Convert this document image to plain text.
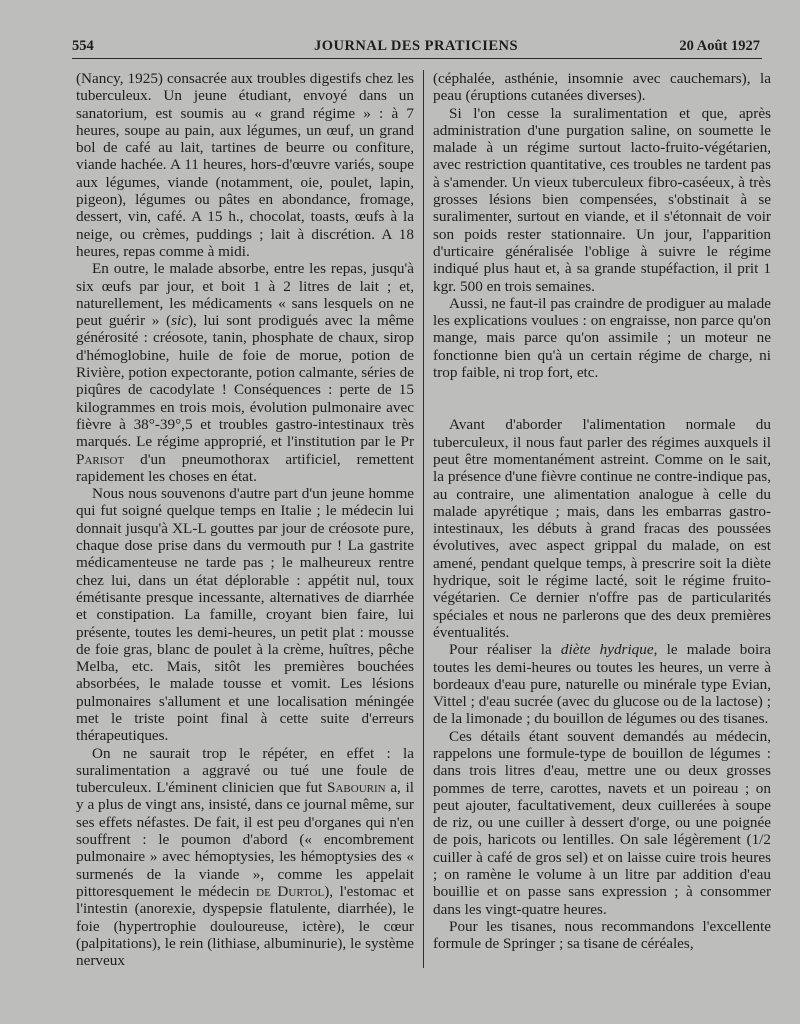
554	JOURNAL DES PRATICIENS	20 Août 1927

(Nancy, 1925) consacrée aux troubles digestifs chez les tuberculeux. Un jeune étudiant, envoyé dans un sanatorium, est soumis au « grand régime » : à 7 heures, soupe au pain, aux légumes, un œuf, un grand bol de café au lait, tartines de beurre ou confiture, viande hachée. A 11 heures, hors-d'œuvre variés, soupe aux légumes, viande (notamment, oie, poulet, lapin, pigeon), légumes ou pâtes en abondance, fromage, dessert, vin, café. A 15 h., chocolat, toasts, œufs à la neige, ou crèmes, puddings ; lait à discrétion. A 18 heures, repas comme à midi.

En outre, le malade absorbe, entre les repas, jusqu'à six œufs par jour, et boit 1 à 2 litres de lait ; et, naturellement, les médicaments « sans lesquels on ne peut guérir » (sic), lui sont prodigués avec la même générosité : créosote, tanin, phosphate de chaux, sirop d'hémoglobine, huile de foie de morue, potion de Rivière, potion expectorante, potion calmante, séries de piqûres de cacodylate ! Conséquences : perte de 15 kilogrammes en trois mois, évolution pulmonaire avec fièvre à 38°-39°,5 et troubles gastro-intestinaux très marqués. Le régime approprié, et l'institution par le Pr Parisot d'un pneumothorax artificiel, remettent rapidement les choses en état.

Nous nous souvenons d'autre part d'un jeune homme qui fut soigné quelque temps en Italie ; le médecin lui donnait jusqu'à XL-L gouttes par jour de créosote pure, chaque dose prise dans du vermouth pur ! La gastrite médicamenteuse ne tarde pas ; le malheureux rentre chez lui, dans un état déplorable : appétit nul, toux émétisante presque incessante, alternatives de diarrhée et constipation. La famille, croyant bien faire, lui présente, toutes les demi-heures, un petit plat : mousse de foie gras, blanc de poulet à la crème, huîtres, pêche Melba, etc. Mais, sitôt les premières bouchées absorbées, le malade tousse et vomit. Les lésions pulmonaires s'allument et une localisation méningée met le triste point final à cette suite d'erreurs thérapeutiques.

On ne saurait trop le répéter, en effet : la suralimentation a aggravé ou tué une foule de tuberculeux. L'éminent clinicien que fut Sabourin a, il y a plus de vingt ans, insisté, dans ce journal même, sur ses effets néfastes. De fait, il est peu d'organes qui n'en souffrent : le poumon d'abord (« encombrement pulmonaire » avec hémoptysies, les hémoptysies des « surmenés de la viande », comme les appelait pittoresquement le médecin de Durtol), l'estomac et l'intestin (anorexie, dyspepsie flatulente, diarrhée), le foie (hypertrophie douloureuse, ictère), le cœur (palpitations), le rein (lithiase, albuminurie), le système nerveux

(céphalée, asthénie, insomnie avec cauchemars), la peau (éruptions cutanées diverses).

Si l'on cesse la suralimentation et que, après administration d'une purgation saline, on soumette le malade à un régime surtout lacto-fruito-végétarien, avec restriction quantitative, ces troubles ne tardent pas à s'amender. Un vieux tuberculeux fibro-caséeux, à très grosses lésions bien compensées, s'obstinait à se suralimenter, surtout en viande, et il s'étonnait de voir son poids rester stationnaire. Un jour, l'apparition d'urticaire généralisée l'oblige à suivre le régime indiqué plus haut et, à sa grande stupéfaction, il prit 1 kgr. 500 en trois semaines.

Aussi, ne faut-il pas craindre de prodiguer au malade les explications voulues : on engraisse, non parce qu'on mange, mais parce qu'on assimile ; un moteur ne fonctionne bien qu'à un certain régime de charge, ni trop faible, ni trop fort, etc.

Avant d'aborder l'alimentation normale du tuberculeux, il nous faut parler des régimes auxquels il peut être momentanément astreint. Comme on le sait, la présence d'une fièvre continue ne contre-indique pas, au contraire, une alimentation analogue à celle du malade apyrétique ; mais, dans les embarras gastro-intestinaux, les débuts à grand fracas des poussées évolutives, avec aspect grippal du malade, on est amené, pendant quelque temps, à prescrire soit la diète hydrique, soit le régime lacté, soit le régime fruito-végétarien. Ce dernier n'offre pas de particularités spéciales et nous ne parlerons que des deux premières éventualités.

Pour réaliser la diète hydrique, le malade boira toutes les demi-heures ou toutes les heures, un verre à bordeaux d'eau pure, naturelle ou minérale type Evian, Vittel ; d'eau sucrée (avec du glucose ou de la lactose) ; de la limonade ; du bouillon de légumes ou des tisanes.

Ces détails étant souvent demandés au médecin, rappelons une formule-type de bouillon de légumes : dans trois litres d'eau, mettre une ou deux grosses pommes de terre, carottes, navets et un poireau ; on peut ajouter, facultativement, deux cuillerées à soupe de riz, ou une cuiller à dessert d'orge, ou une poignée de pois, haricots ou lentilles. On sale légèrement (1/2 cuiller à café de gros sel) et on laisse cuire trois heures ; on ramène le volume à un litre par addition d'eau bouillie et on passe sans expression ; à consommer dans les vingt-quatre heures.

Pour les tisanes, nous recommandons l'excellente formule de Springer ; sa tisane de céréales,
